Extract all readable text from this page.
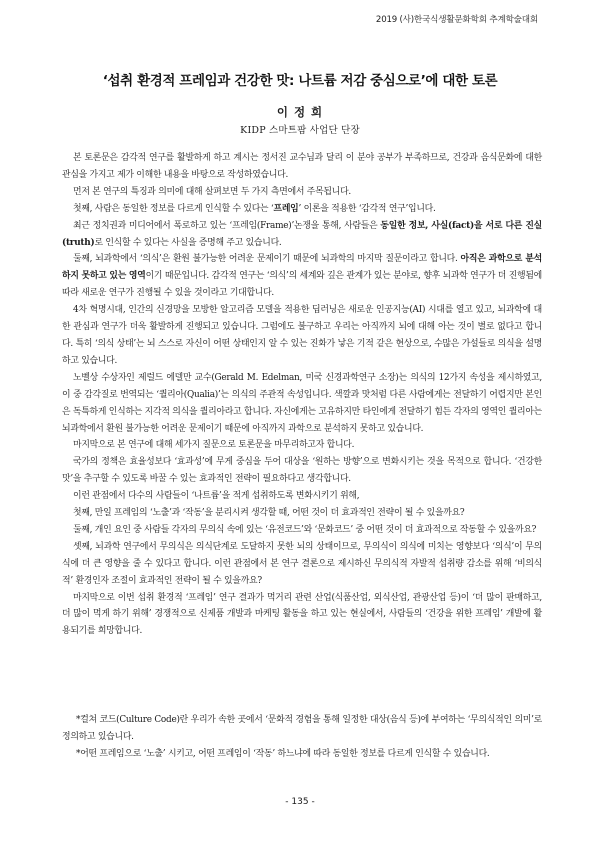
2019 (사)한국식생활문화학회 추계학술대회
‘섭취 환경적 프레임과 건강한 맛: 나트륨 저감 중심으로’에 대한 토론
이 정 희
KIDP 스마트팜 사업단 단장

본 토론문은 감각적 연구를 활발하게 하고 계시는 정서진 교수님과 달리 이 분야 공부가 부족하므로, 건강과 음식문화에 대한 관심을 가지고 제가 이해한 내용을 바탕으로 작성하였습니다.

먼저 본 연구의 특징과 의미에 대해 살펴보면 두 가지 측면에서 주목됩니다.

첫째, 사람은 동일한 정보를 다르게 인식할 수 있다는 ‘프레임’ 이론을 적용한 ‘감각적 연구’입니다.

최근 정치권과 미디어에서 폭로하고 있는 ‘프레임(Frame)’논쟁을 통해, 사람들은 동일한 정보, 사실(fact)을 서로 다른 진실(truth)로 인식할 수 있다는 사실을 증명해 주고 있습니다.

둘째, 뇌과학에서 ‘의식’은 환원 불가능한 어려운 문제이기 때문에 뇌과학의 마지막 질문이라고 합니다. 아직은 과학으로 분석하지 못하고 있는 영역이기 때문입니다. 감각적 연구는 ‘의식’의 세계와 깊은 관계가 있는 분야로, 향후 뇌과학 연구가 더 진행됨에 따라 새로운 연구가 진행될 수 있을 것이라고 기대합니다.

4차 혁명시대, 인간의 신경망을 모방한 알고리즘 모델을 적용한 딥러닝은 새로운 인공지능(AI) 시대를 열고 있고, 뇌과학에 대한 관심과 연구가 더욱 활발하게 진행되고 있습니다. 그럼에도 불구하고 우리는 아직까지 뇌에 대해 아는 것이 별로 없다고 합니다. 특히 ‘의식 상태’는 뇌 스스로 자신이 어떤 상태인지 알 수 있는 진화가 낳은 기적 같은 현상으로, 수많은 가설들로 의식을 설명하고 있습니다.

노벨상 수상자인 제럴드 에델만 교수(Gerald M. Edelman, 미국 신경과학연구 소장)는 의식의 12가지 속성을 제시하였고, 이 중 감각질로 번역되는 ‘퀄리아(Qualia)’는 의식의 주관적 속성입니다. 색깔과 맛처럼 다른 사람에게는 전달하기 어렵지만 본인은 독특하게 인식하는 지각적 의식을 퀄리아라고 합니다. 자신에게는 고유하지만 타인에게 전달하기 힘든 각자의 영역인 퀄리아는 뇌과학에서 환원 불가능한 어려운 문제이기 때문에 아직까지 과학으로 분석하지 못하고 있습니다.

마지막으로 본 연구에 대해 세가지 질문으로 토론문을 마무리하고자 합니다.

국가의 정책은 효율성보다 ‘효과성’에 무게 중심을 두어 대상을 ‘원하는 방향’으로 변화시키는 것을 목적으로 합니다. ‘건강한 맛’을 추구할 수 있도록 바꿀 수 있는 효과적인 전략이 필요하다고 생각합니다.

이런 관점에서 다수의 사람들이 ‘나트륨’을 적게 섭취하도록 변화시키기 위해,

첫째, 만일 프레임의 ‘노출’과 ‘작동’을 분리시켜 생각할 때, 어떤 것이 더 효과적인 전략이 될 수 있을까요?

둘째, 개인 요인 중 사람들 각자의 무의식 속에 있는 ‘유전코드’와 ‘문화코드’ 중 어떤 것이 더 효과적으로 작동할 수 있을까요?

셋째, 뇌과학 연구에서 무의식은 의식단계로 도달하지 못한 뇌의 상태이므로, 무의식이 의식에 미치는 영향보다 ‘의식’이 무의식에 더 큰 영향을 줄 수 있다고 합니다. 이런 관점에서 본 연구 결론으로 제시하신 무의식적 자발적 섭취량 감소를 위해 ‘비의식적’ 환경인자 조절이 효과적인 전략이 될 수 있을까요?

마지막으로 이번 섭취 환경적 ‘프레임’ 연구 결과가 먹거리 관련 산업(식품산업, 외식산업, 관광산업 등)이 ‘더 많이 판매하고, 더 많이 먹게 하기 위해’ 경쟁적으로 신제품 개발과 마케팅 활동을 하고 있는 현실에서, 사람들의 ‘건강을 위한 프레임’ 개발에 활용되기를 희망합니다.

*컬쳐 코드(Culture Code)란 우리가 속한 곳에서 ‘문화적 경험을 통해 일정한 대상(음식 등)에 부여하는 ‘무의식적인 의미’로 정의하고 있습니다.

*어떤 프레임으로 ‘노출’ 시키고, 어떤 프레임이 ‘작동’ 하느냐에 따라 동일한 정보를 다르게 인식할 수 있습니다.

- 135 -
